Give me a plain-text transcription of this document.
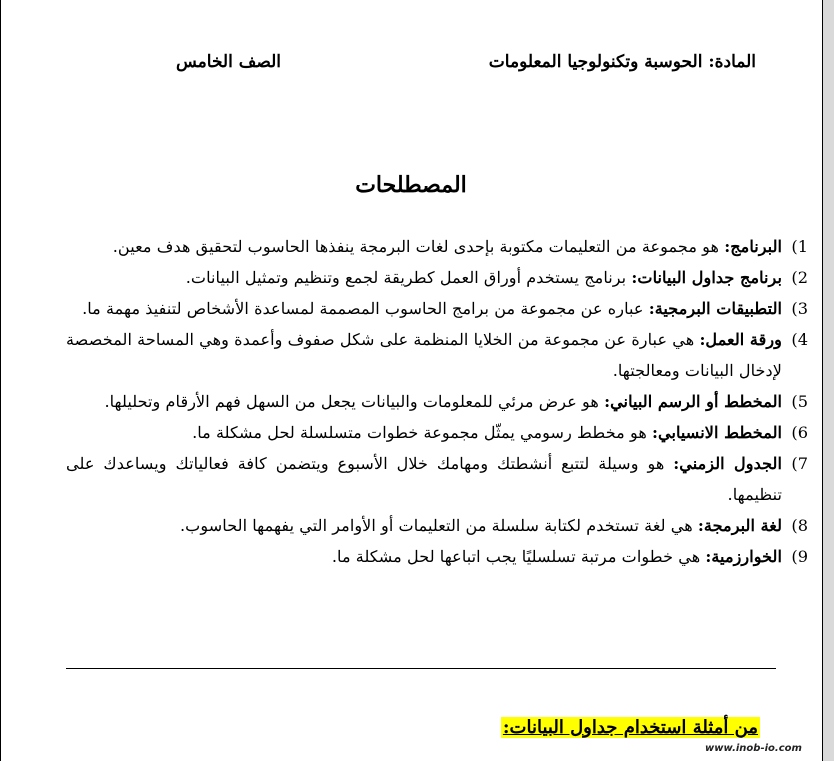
المادة: الحوسبة وتكنولوجيا المعلومات
الصف الخامس
المصطلحات
1)
البرنامج: هو مجموعة من التعليمات مكتوبة بإحدى لغات البرمجة ينفذها الحاسوب لتحقيق هدف معين.
2)
برنامج جداول البيانات: برنامج يستخدم أوراق العمل كطريقة لجمع وتنظيم وتمثيل البيانات.
3)
التطبيقات البرمجية: عباره عن مجموعة من برامج الحاسوب المصممة لمساعدة الأشخاص لتنفيذ مهمة ما.
4)
ورقة العمل: هي عبارة عن مجموعة من الخلايا المنظمة على شكل صفوف وأعمدة وهي المساحة المخصصة لإدخال البيانات ومعالجتها.
5)
المخطط أو الرسم البياني: هو عرض مرئي للمعلومات والبيانات يجعل من السهل فهم الأرقام وتحليلها.
6)
المخطط الانسيابي: هو مخطط رسومي يمثّل مجموعة خطوات متسلسلة لحل مشكلة ما.
7)
الجدول الزمني: هو وسيلة لتتبع أنشطتك ومهامك خلال الأسبوع ويتضمن كافة فعالياتك ويساعدك على تنظيمها.
8)
لغة البرمجة: هي لغة تستخدم لكتابة سلسلة من التعليمات أو الأوامر التي يفهمها الحاسوب.
9)
الخوارزمية: هي خطوات مرتبة تسلسليًا يجب اتباعها لحل مشكلة ما.
من أمثلة استخدام جداول البيانات:
www.inob-io.com
